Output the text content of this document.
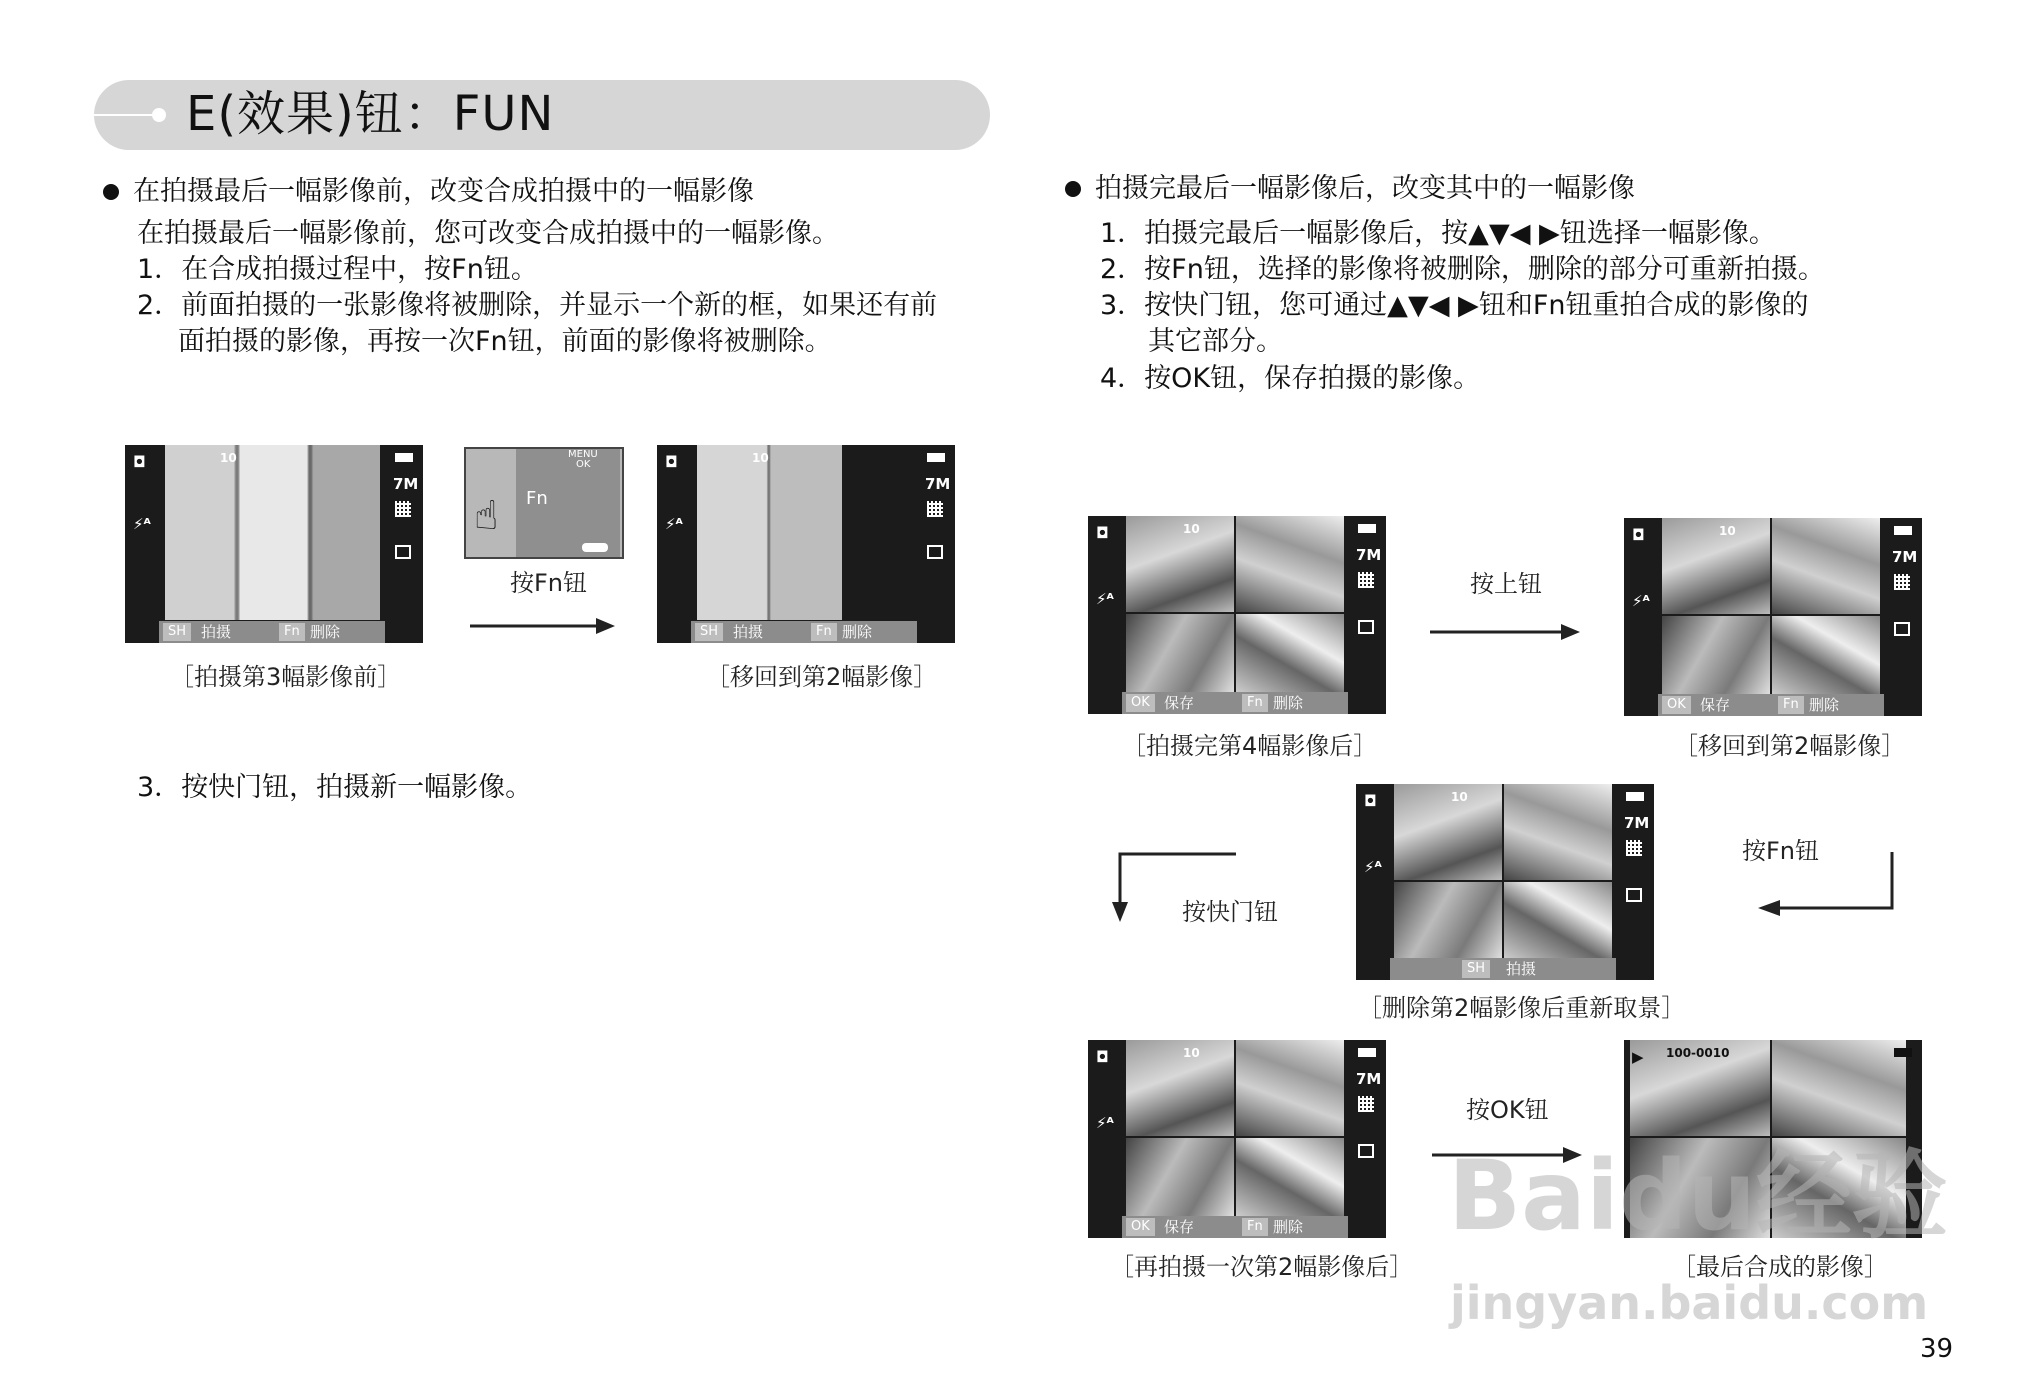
E(效果)钮：FUN
在拍摄最后一幅影像前，改变合成拍摄中的一幅影像
在拍摄最后一幅影像前，您可改变合成拍摄中的一幅影像。
1．在合成拍摄过程中，按Fn钮。
2．前面拍摄的一张影像将被删除，并显示一个新的框，如果还有前
面拍摄的影像，再按一次Fn钮，前面的影像将被删除。
◘
⚡ᴬ
10
7M
SH 拍摄	Fn 删除
［拍摄第3幅影像前］
MENU
OK
Fn
☝
按Fn钮
◘
⚡ᴬ
10
7M
SH 拍摄	Fn 删除
［移回到第2幅影像］
3．按快门钮，拍摄新一幅影像。
拍摄完最后一幅影像后，改变其中的一幅影像
1．拍摄完最后一幅影像后，按▲▼◀ ▶钮选择一幅影像。
2．按Fn钮，选择的影像将被删除，删除的部分可重新拍摄。
3．按快门钮，您可通过▲▼◀ ▶钮和Fn钮重拍合成的影像的
其它部分。
4．按OK钮，保存拍摄的影像。
◘
⚡ᴬ
10
7M
OK 保存	Fn 删除
［拍摄完第4幅影像后］
按上钮
◘
⚡ᴬ
10
7M
OK 保存	Fn 删除
［移回到第2幅影像］
按Fn钮
◘
⚡ᴬ
10
7M
SH	拍摄
［删除第2幅影像后重新取景］
按快门钮
◘
⚡ᴬ
10
7M
OK 保存	Fn 删除
［再拍摄一次第2幅影像后］
按OK钮
▶ 100-0010
［最后合成的影像］
Baidu经验
jingyan.baidu.com
39
